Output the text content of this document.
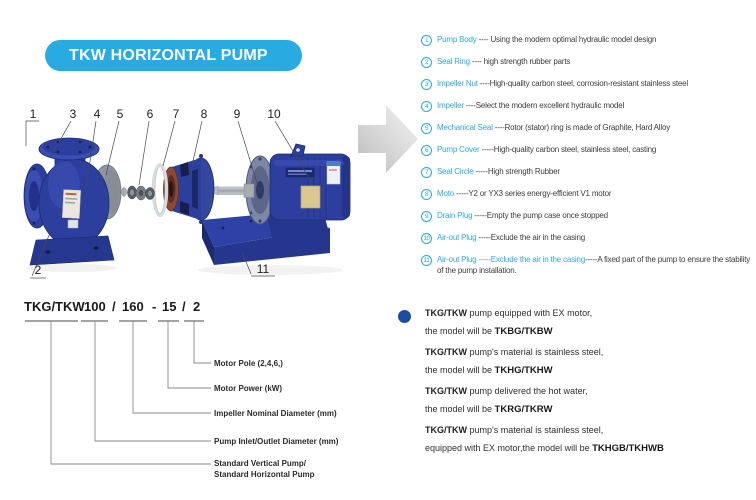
TKW HORIZONTAL PUMP
1	3 4 5 6 7 8 9 10
2	11
1	Pump Body ---- Using the modern optimal hydraulic model design
2	Seal Ring ---- high strength rubber parts
3	Impeller Nut ----High-quality carbon steel, corrosion-resistant stainless steel
4	Impeller ----Select the modern excellent hydraulic model
5	Mechanical Seal ----Rotor (stator) ring is made of Graphite, Hard Alloy
6	Pump Cover -----High-quality carbon steel, stainless steel, casting
7	Seal Circle -----High strength Rubber
8	Moto -----Y2 or YX3 series energy-efficient V1 motor
9	Drain Plug -----Empty the pump case once stopped
10 Air-out Plug -----Exclude the air in the casing
11 Air-out Plug -----Exclude the air in the casing-----A fixed part of the pump to ensure the stability of the pump installation.
TKG/TKW 100 / 160 - 15 / 2
Motor Pole (2,4,6,)
Motor Power (kW)
Impeller Nominal Diameter (mm)
Pump Inlet/Outlet Diameter (mm)
Standard Vertical Pump/
Standard Horizontal Pump
TKG/TKW pump equipped with EX motor,
the model will be TKBG/TKBW
TKG/TKW pump's material is stainless steel,
the model will be TKHG/TKHW
TKG/TKW pump delivered the hot water,
the model will be TKRG/TKRW
TKG/TKW pump's material is stainless steel,
equipped with EX motor,the model will be TKHGB/TKHWB
